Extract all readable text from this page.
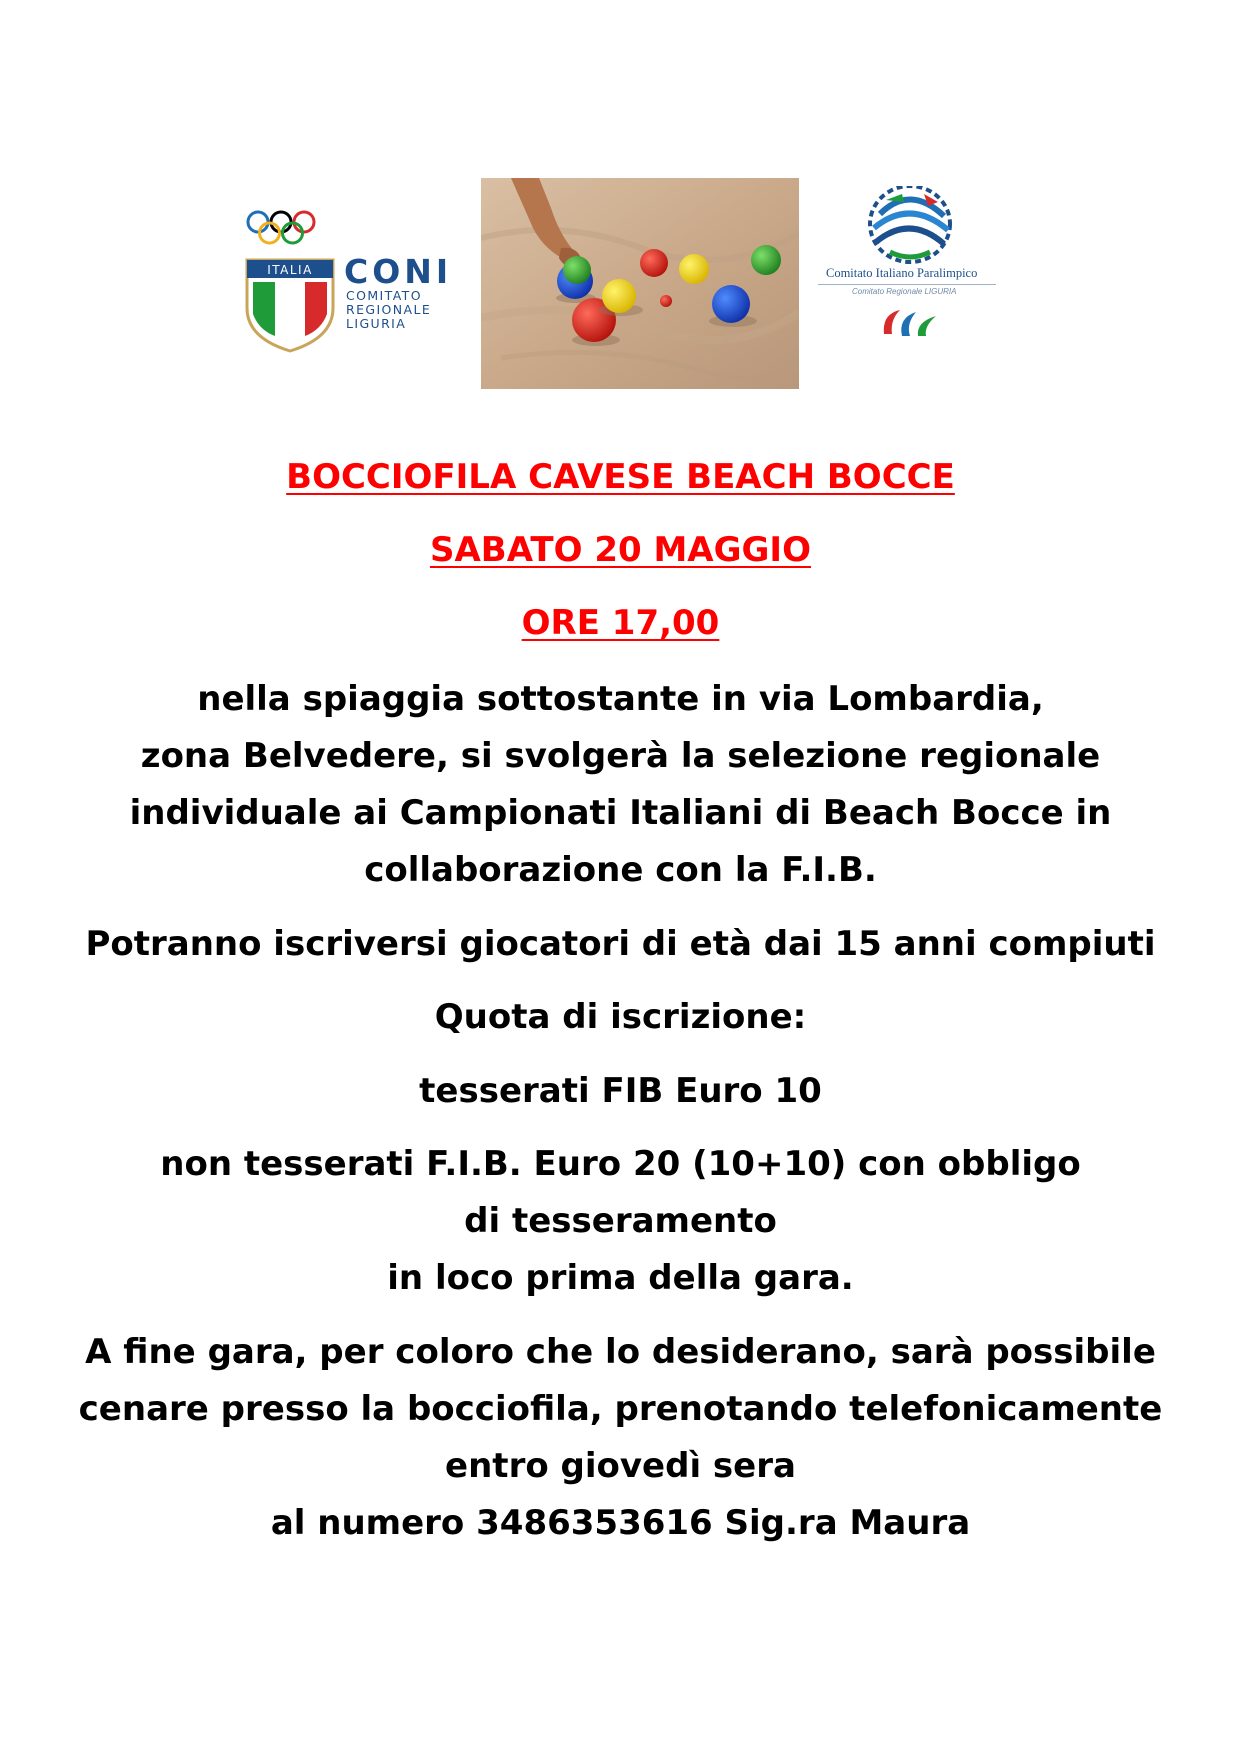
ITALIA CONI
COMITATO
REGIONALE
LIGURIA
Comitato Italiano Paralimpico
Comitato Regionale LIGURIA
BOCCIOFILA CAVESE BEACH BOCCE
SABATO 20 MAGGIO
ORE 17,00
nella spiaggia sottostante in via Lombardia,
zona Belvedere, si svolgerà la selezione regionale
individuale ai Campionati Italiani di Beach Bocce in
collaborazione con la F.I.B.
Potranno iscriversi giocatori di età dai 15 anni compiuti
Quota di iscrizione:
tesserati FIB Euro 10
non tesserati F.I.B. Euro 20 (10+10) con obbligo
di tesseramento
in loco prima della gara.
A fine gara, per coloro che lo desiderano, sarà possibile
cenare presso la bocciofila, prenotando telefonicamente
entro giovedì sera
al numero 3486353616 Sig.ra Maura
